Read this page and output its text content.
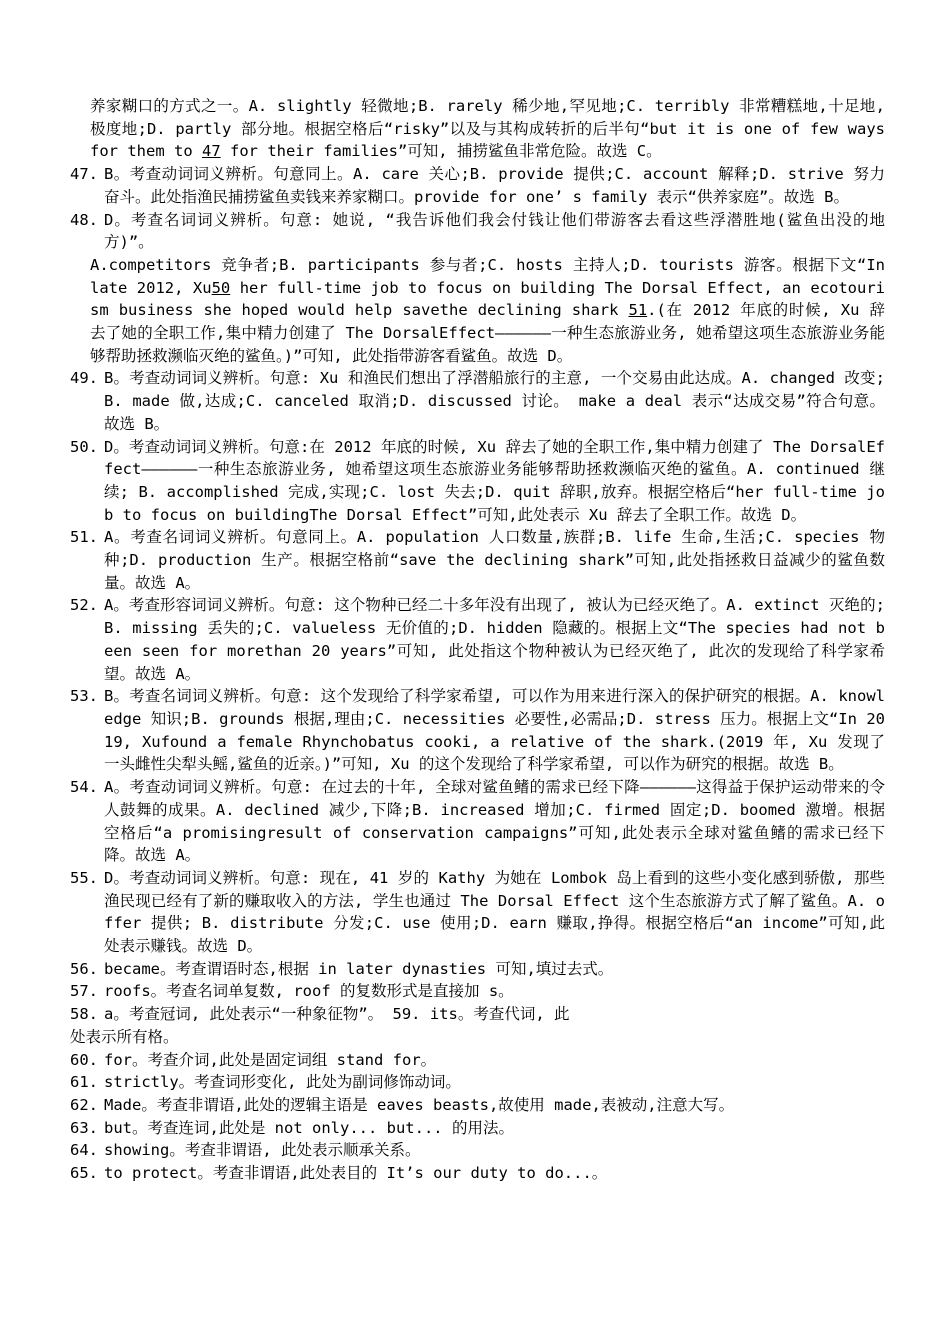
养家糊口的方式之一。A. slightly 轻微地;B. rarely 稀少地,罕见地;C. terribly 非常糟糕地,十足地,极度地;D. partly 部分地。根据空格后“risky”以及与其构成转折的后半句“but it is one of few ways for them to 47 for their families”可知, 捕捞鲨鱼非常危险。故选 C。
47. B。考查动词词义辨析。句意同上。A. care 关心;B. provide 提供;C. account 解释;D. strive 努力奋斗。此处指渔民捕捞鲨鱼卖钱来养家糊口。provide for one’ s family 表示“供养家庭”。故选 B。
48. D。考查名词词义辨析。句意: 她说, “我告诉他们我会付钱让他们带游客去看这些浮潜胜地(鲨鱼出没的地方)”。
A.competitors 竞争者;B. participants 参与者;C. hosts 主持人;D. tourists 游客。根据下文“In late 2012, Xu50 her full-time job to focus on building The Dorsal Effect, an ecotourism business she hoped would help savethe declining shark 51.(在 2012 年底的时候, Xu 辞去了她的全职工作,集中精力创建了 The DorsalEffect——————一种生态旅游业务, 她希望这项生态旅游业务能够帮助拯救濒临灭绝的鲨鱼。)”可知, 此处指带游客看鲨鱼。故选 D。
49. B。考查动词词义辨析。句意: Xu 和渔民们想出了浮潜船旅行的主意, 一个交易由此达成。A. changed 改变; B. made 做,达成;C. canceled 取消;D. discussed 讨论。 make a deal 表示“达成交易”符合句意。故选 B。
50. D。考查动词词义辨析。句意:在 2012 年底的时候, Xu 辞去了她的全职工作,集中精力创建了 The DorsalEffect——————一种生态旅游业务, 她希望这项生态旅游业务能够帮助拯救濒临灭绝的鲨鱼。A. continued 继续; B. accomplished 完成,实现;C. lost 失去;D. quit 辞职,放弃。根据空格后“her full-time job to focus on buildingThe Dorsal Effect”可知,此处表示 Xu 辞去了全职工作。故选 D。
51. A。考查名词词义辨析。句意同上。A. population 人口数量,族群;B. life 生命,生活;C. species 物种;D. production 生产。根据空格前“save the declining shark”可知,此处指拯救日益减少的鲨鱼数量。故选 A。
52. A。考查形容词词义辨析。句意: 这个物种已经二十多年没有出现了, 被认为已经灭绝了。A. extinct 灭绝的; B. missing 丢失的;C. valueless 无价值的;D. hidden 隐藏的。根据上文“The species had not been seen for morethan 20 years”可知, 此处指这个物种被认为已经灭绝了, 此次的发现给了科学家希望。故选 A。
53. B。考查名词词义辨析。句意: 这个发现给了科学家希望, 可以作为用来进行深入的保护研究的根据。A. knowledge 知识;B. grounds 根据,理由;C. necessities 必要性,必需品;D. stress 压力。根据上文“In 2019, Xufound a female Rhynchobatus cooki, a relative of the shark.(2019 年, Xu 发现了一头雌性尖犁头鳐,鲨鱼的近亲。)”可知, Xu 的这个发现给了科学家希望, 可以作为研究的根据。故选 B。
54. A。考查动词词义辨析。句意: 在过去的十年, 全球对鲨鱼鳍的需求已经下降——————这得益于保护运动带来的令人鼓舞的成果。A. declined 减少,下降;B. increased 增加;C. firmed 固定;D. boomed 激增。根据空格后“a promisingresult of conservation campaigns”可知,此处表示全球对鲨鱼鳍的需求已经下降。故选 A。
55. D。考查动词词义辨析。句意: 现在, 41 岁的 Kathy 为她在 Lombok 岛上看到的这些小变化感到骄傲, 那些渔民现已经有了新的赚取收入的方法, 学生也通过 The Dorsal Effect 这个生态旅游方式了解了鲨鱼。A. offer 提供; B. distribute 分发;C. use 使用;D. earn 赚取,挣得。根据空格后“an income”可知,此处表示赚钱。故选 D。
56. became。考查谓语时态,根据 in later dynasties 可知,填过去式。
57. roofs。考查名词单复数, roof 的复数形式是直接加 s。
58. a。考查冠词, 此处表示“一种象征物”。 59. its。考查代词, 此
处表示所有格。
60. for。考查介词,此处是固定词组 stand for。
61. strictly。考查词形变化, 此处为副词修饰动词。
62. Made。考查非谓语,此处的逻辑主语是 eaves beasts,故使用 made,表被动,注意大写。
63. but。考查连词,此处是 not only... but... 的用法。
64. showing。考查非谓语, 此处表示顺承关系。
65. to protect。考查非谓语,此处表目的 It’s our duty to do...。
